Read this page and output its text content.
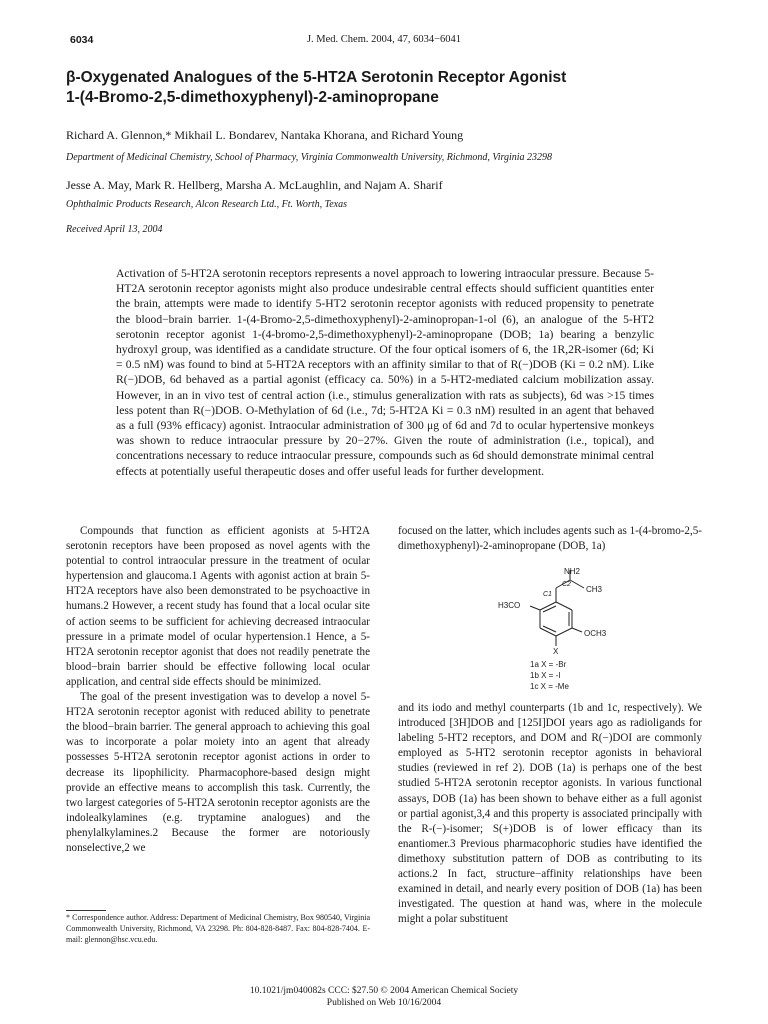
6034	J. Med. Chem. 2004, 47, 6034−6041
β-Oxygenated Analogues of the 5-HT2A Serotonin Receptor Agonist
1-(4-Bromo-2,5-dimethoxyphenyl)-2-aminopropane
Richard A. Glennon,* Mikhail L. Bondarev, Nantaka Khorana, and Richard Young
Department of Medicinal Chemistry, School of Pharmacy, Virginia Commonwealth University, Richmond, Virginia 23298
Jesse A. May, Mark R. Hellberg, Marsha A. McLaughlin, and Najam A. Sharif
Ophthalmic Products Research, Alcon Research Ltd., Ft. Worth, Texas
Received April 13, 2004
Activation of 5-HT2A serotonin receptors represents a novel approach to lowering intraocular pressure. Because 5-HT2A serotonin receptor agonists might also produce undesirable central effects should sufficient quantities enter the brain, attempts were made to identify 5-HT2 serotonin receptor agonists with reduced propensity to penetrate the blood−brain barrier. 1-(4-Bromo-2,5-dimethoxyphenyl)-2-aminopropan-1-ol (6), an analogue of the 5-HT2 serotonin receptor agonist 1-(4-bromo-2,5-dimethoxyphenyl)-2-aminopropane (DOB; 1a) bearing a benzylic hydroxyl group, was identified as a candidate structure. Of the four optical isomers of 6, the 1R,2R-isomer (6d; Ki = 0.5 nM) was found to bind at 5-HT2A receptors with an affinity similar to that of R(−)DOB (Ki = 0.2 nM). Like R(−)DOB, 6d behaved as a partial agonist (efficacy ca. 50%) in a 5-HT2-mediated calcium mobilization assay. However, in an in vivo test of central action (i.e., stimulus generalization with rats as subjects), 6d was >15 times less potent than R(−)DOB. O-Methylation of 6d (i.e., 7d; 5-HT2A Ki = 0.3 nM) resulted in an agent that behaved as a full (93% efficacy) agonist. Intraocular administration of 300 μg of 6d and 7d to ocular hypertensive monkeys was shown to reduce intraocular pressure by 20−27%. Given the route of administration (i.e., topical), and concentrations necessary to reduce intraocular pressure, compounds such as 6d should demonstrate minimal central effects at potentially useful therapeutic doses and offer useful leads for further development.

Compounds that function as efficient agonists at 5-HT2A serotonin receptors have been proposed as novel agents with the potential to control intraocular pressure in the treatment of ocular hypertension and glaucoma.1 Agents with agonist action at brain 5-HT2A receptors have also been demonstrated to be psychoactive in humans.2 However, a recent study has found that a local ocular site of action seems to be sufficient for achieving decreased intraocular pressure in a primate model of ocular hypertension.1 Hence, a 5-HT2A serotonin receptor agonist that does not readily penetrate the blood−brain barrier should be effective following local ocular application, and central side effects should be minimized.

The goal of the present investigation was to develop a novel 5-HT2A serotonin receptor agonist with reduced ability to penetrate the blood−brain barrier. The general approach to achieving this goal was to incorporate a polar moiety into an agent that already possesses 5-HT2A serotonin receptor agonist actions in order to decrease its lipophilicity. Pharmacophore-based design might provide an effective means to accomplish this task. Currently, the two largest categories of 5-HT2A serotonin receptor agonists are the indolealkylamines (e.g. tryptamine analogues) and the phenylalkylamines.2 Because the former are notoriously nonselective,2 we

focused on the latter, which includes agents such as 1-(4-bromo-2,5-dimethoxyphenyl)-2-aminopropane (DOB, 1a)

NH2
CH3
C2
C1
H3CO
OCH3
X
1a X = -Br
1b X = -I
1c X = -Me

and its iodo and methyl counterparts (1b and 1c, respectively). We introduced [3H]DOB and [125I]DOI years ago as radioligands for labeling 5-HT2 receptors, and DOM and R(−)DOI are commonly employed as 5-HT2 serotonin receptor agonists in behavioral studies (reviewed in ref 2). DOB (1a) is perhaps one of the best studied 5-HT2A serotonin receptor agonists. In various functional assays, DOB (1a) has been shown to behave either as a full agonist or partial agonist,3,4 and this property is associated principally with the R-(−)-isomer; S(+)DOB is of lower efficacy than its enantiomer.3 Previous pharmacophoric studies have identified the dimethoxy substitution pattern of DOB as contributing to its actions.2 In fact, structure−affinity relationships have been examined in detail, and nearly every position of DOB (1a) has been investigated. The question at hand was, where in the molecule might a polar substituent

* Correspondence author. Address: Department of Medicinal Chemistry, Box 980540, Virginia Commonwealth University, Richmond, VA 23298. Ph: 804-828-8487. Fax: 804-828-7404. E-mail: glennon@hsc.vcu.edu.
10.1021/jm040082s CCC: $27.50 © 2004 American Chemical Society
Published on Web 10/16/2004
